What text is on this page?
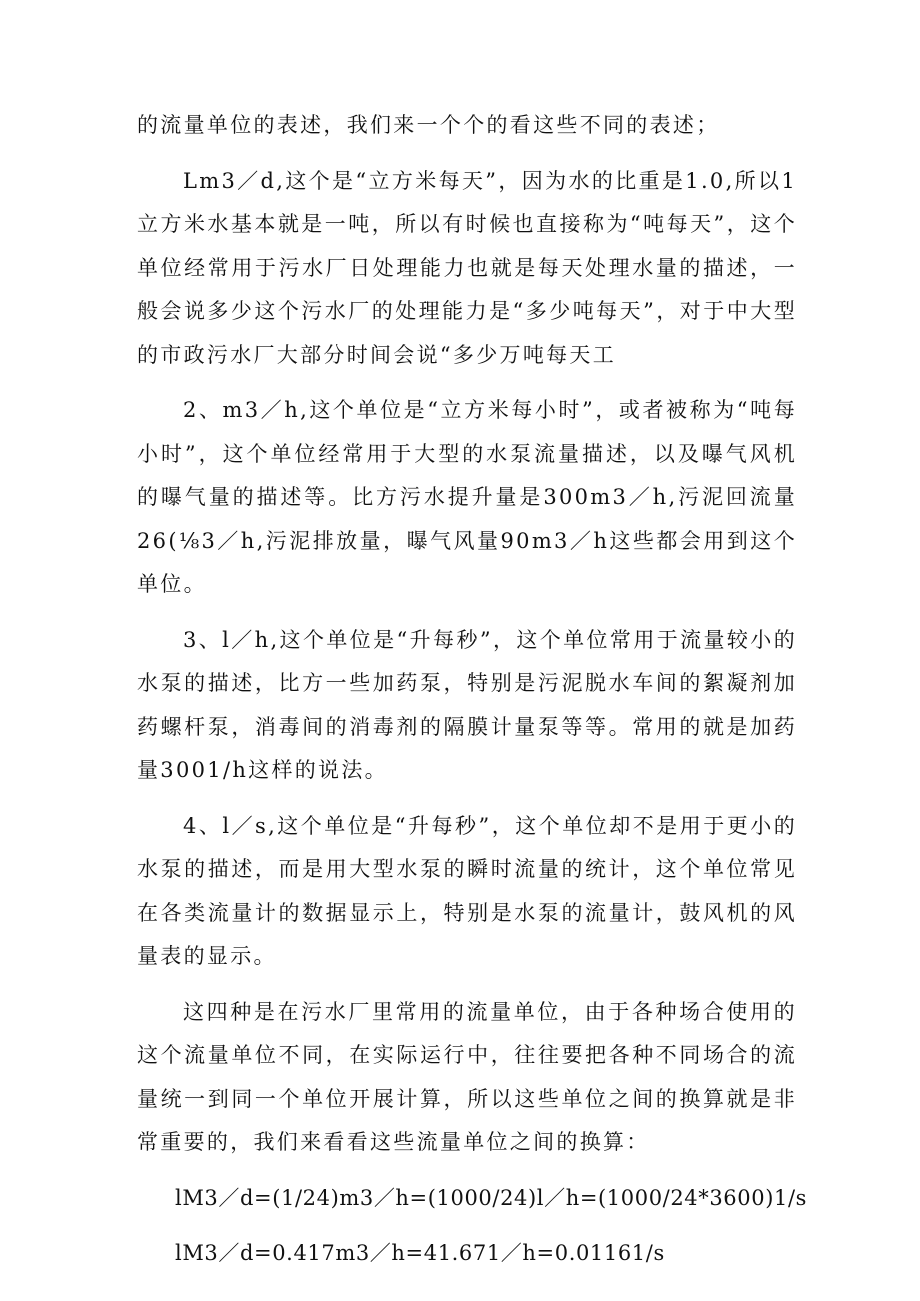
的流量单位的表述，我们来一个个的看这些不同的表述；

Lm3／d,这个是“立方米每天”，因为水的比重是1.0,所以1立方米水基本就是一吨，所以有时候也直接称为“吨每天”，这个单位经常用于污水厂日处理能力也就是每天处理水量的描述，一般会说多少这个污水厂的处理能力是“多少吨每天”，对于中大型的市政污水厂大部分时间会说“多少万吨每天工

2、m3／h,这个单位是“立方米每小时”，或者被称为“吨每小时”，这个单位经常用于大型的水泵流量描述，以及曝气风机的曝气量的描述等。比方污水提升量是300m3／h,污泥回流量26(⅛3／h,污泥排放量，曝气风量90m3／h这些都会用到这个单位。

3、l／h,这个单位是“升每秒”，这个单位常用于流量较小的水泵的描述，比方一些加药泵，特别是污泥脱水车间的絮凝剂加药螺杆泵，消毒间的消毒剂的隔膜计量泵等等。常用的就是加药量3001/h这样的说法。

4、l／s,这个单位是“升每秒”，这个单位却不是用于更小的水泵的描述，而是用大型水泵的瞬时流量的统计，这个单位常见在各类流量计的数据显示上，特别是水泵的流量计，鼓风机的风量表的显示。

这四种是在污水厂里常用的流量单位，由于各种场合使用的这个流量单位不同，在实际运行中，往往要把各种不同场合的流量统一到同一个单位开展计算，所以这些单位之间的换算就是非常重要的，我们来看看这些流量单位之间的换算：

lM3／d=(1/24)m3／h=(1000/24)l／h=(1000/24*3600)1/s

lM3／d=0.417m3／h=41.671／h=0.01161/s
